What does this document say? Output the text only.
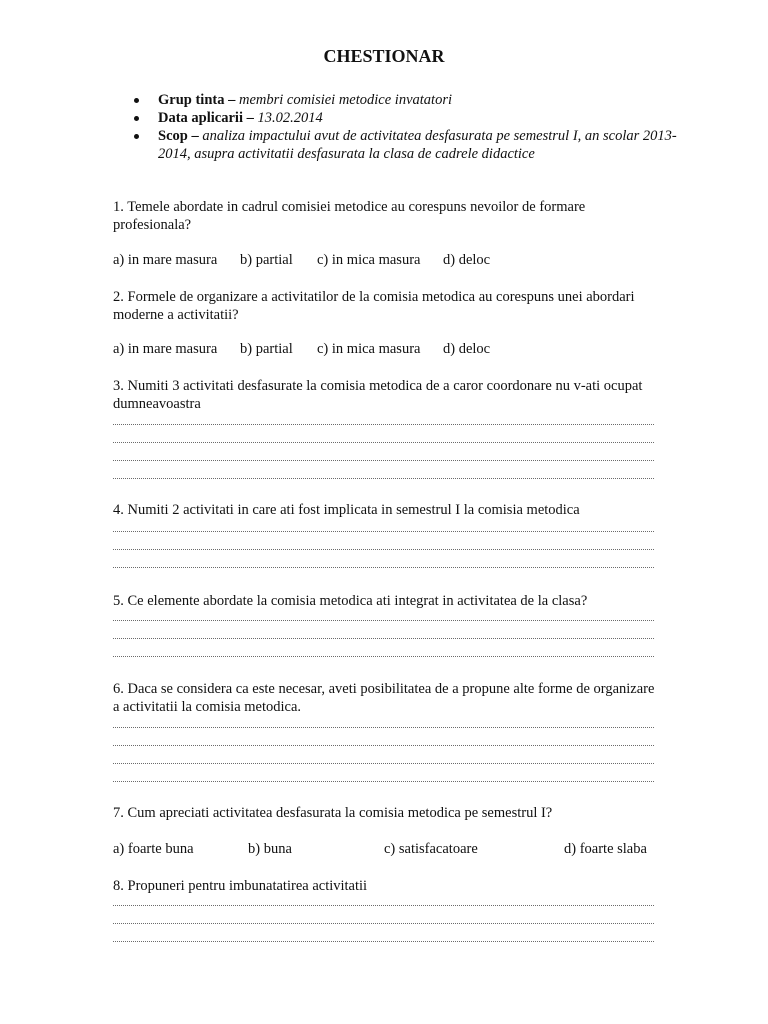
CHESTIONAR
Grup tinta – membri comisiei metodice invatatori
Data aplicarii – 13.02.2014
Scop – analiza impactului avut de activitatea desfasurata pe semestrul I, an scolar 2013-2014, asupra activitatii desfasurata la clasa de cadrele didactice
1. Temele abordate in cadrul comisiei metodice au corespuns nevoilor de formare profesionala?
a) in mare masura b) partial c) in mica masura d) deloc
2. Formele de organizare a activitatilor de la comisia metodica au corespuns unei abordari moderne a activitatii?
a) in mare masura b) partial c) in mica masura d) deloc
3. Numiti 3 activitati desfasurate la comisia metodica de a caror coordonare nu v-ati ocupat dumneavoastra
4. Numiti 2 activitati in care ati fost implicata in semestrul I la comisia metodica
5. Ce elemente abordate la comisia metodica ati integrat in activitatea de la clasa?
6. Daca se considera ca este necesar, aveti posibilitatea de a propune alte forme de organizare a activitatii la comisia metodica.
7. Cum apreciati activitatea desfasurata la comisia metodica pe semestrul I?
a) foarte buna	b) buna	c) satisfacatoare	d) foarte slaba
8. Propuneri pentru imbunatatirea activitatii
